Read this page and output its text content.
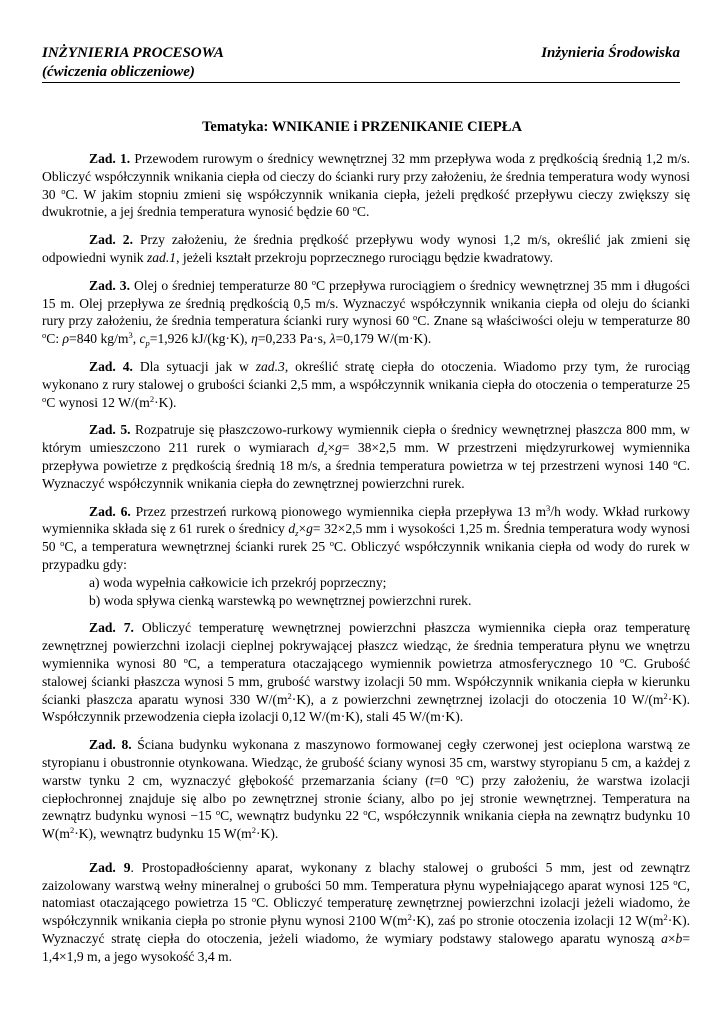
INŻYNIERIA PROCESOWA
(ćwiczenia obliczeniowe)
Inżynieria Środowiska
Tematyka: WNIKANIE i PRZENIKANIE CIEPŁA

Zad. 1. Przewodem rurowym o średnicy wewnętrznej 32 mm przepływa woda z prędkością średnią 1,2 m/s. Obliczyć współczynnik wnikania ciepła od cieczy do ścianki rury przy założeniu, że średnia temperatura wody wynosi 30 $^o$C. W jakim stopniu zmieni się współczynnik wnikania ciepła, jeżeli prędkość przepływu cieczy zwiększy się dwukrotnie, a jej średnia temperatura wynosić będzie 60 $^o$C.

Zad. 2. Przy założeniu, że średnia prędkość przepływu wody wynosi 1,2 m/s, określić jak zmieni się odpowiedni wynik zad.1, jeżeli kształt przekroju poprzecznego rurociągu będzie kwadratowy.

Zad. 3. Olej o średniej temperaturze 80 $^o$C przepływa rurociągiem o średnicy wewnętrznej 35 mm i długości 15 m. Olej przepływa ze średnią prędkością 0,5 m/s. Wyznaczyć współczynnik wnikania ciepła od oleju do ścianki rury przy założeniu, że średnia temperatura ścianki rury wynosi 60 $^o$C. Znane są właściwości oleju w temperaturze 80 $^o$C: ρ=840 $kg/m^3$, $c_p=1,926$ kJ/(kg·K), η=0,233 Pa·s, λ=0,179 W/(m·K).

Zad. 4. Dla sytuacji jak w zad.3, określić stratę ciepła do otoczenia. Wiadomo przy tym, że rurociąg wykonano z rury stalowej o grubości ścianki 2,5 mm, a współczynnik wnikania ciepła do otoczenia o temperaturze 25 $^o$C wynosi 12 $W/(m^2\cdot K)$.

Zad. 5. Rozpatruje się płaszczowo-rurkowy wymiennik ciepła o średnicy wewnętrznej płaszcza 800 mm, w którym umieszczono 211 rurek o wymiarach $d_z\times g= 38\times 2,5$ mm. W przestrzeni międzyrurkowej wymiennika przepływa powietrze z prędkością średnią 18 m/s, a średnia temperatura powietrza w tej przestrzeni wynosi 140 $^o$C. Wyznaczyć współczynnik wnikania ciepła do zewnętrznej powierzchni rurek.

Zad. 6. Przez przestrzeń rurkową pionowego wymiennika ciepła przepływa 13 $m^3/h$ wody. Wkład rurkowy wymiennika składa się z 61 rurek o średnicy $d_z\times g= 32\times 2,5$ mm i wysokości 1,25 m. Średnia temperatura wody wynosi 50 $^o$C, a temperatura wewnętrznej ścianki rurek 25 $^o$C. Obliczyć współczynnik wnikania ciepła od wody do rurek w przypadku gdy:
a) woda wypełnia całkowicie ich przekrój poprzeczny;
b) woda spływa cienką warstewką po wewnętrznej powierzchni rurek.

Zad. 7. Obliczyć temperaturę wewnętrznej powierzchni płaszcza wymiennika ciepła oraz temperaturę zewnętrznej powierzchni izolacji cieplnej pokrywającej płaszcz wiedząc, że średnia temperatura płynu we wnętrzu wymiennika wynosi 80 $^o$C, a temperatura otaczającego wymiennik powietrza atmosferycznego 10 $^o$C. Grubość stalowej ścianki płaszcza wynosi 5 mm, grubość warstwy izolacji 50 mm. Współczynnik wnikania ciepła w kierunku ścianki płaszcza aparatu wynosi 330 $W/(m^2\cdot K)$, a z powierzchni zewnętrznej izolacji do otoczenia 10 $W/(m^2\cdot K)$. Współczynnik przewodzenia ciepła izolacji 0,12 W/(m·K), stali 45 W/(m·K).

Zad. 8. Ściana budynku wykonana z maszynowo formowanej cegły czerwonej jest ocieplona warstwą ze styropianu i obustronnie otynkowana. Wiedząc, że grubość ściany wynosi 35 cm, warstwy styropianu 5 cm, a każdej z warstw tynku 2 cm, wyznaczyć głębokość przemarzania ściany (t=0 $^o$C) przy założeniu, że warstwa izolacji ciepłochronnej znajduje się albo po zewnętrznej stronie ściany, albo po jej stronie wewnętrznej. Temperatura na zewnątrz budynku wynosi −15 $^o$C, wewnątrz budynku 22 $^o$C, współczynnik wnikania ciepła na zewnątrz budynku 10 $W(m^2\cdot K)$, wewnątrz budynku 15 $W(m^2\cdot K)$.

Zad. 9. Prostopadłościenny aparat, wykonany z blachy stalowej o grubości 5 mm, jest od zewnątrz zaizolowany warstwą wełny mineralnej o grubości 50 mm. Temperatura płynu wypełniającego aparat wynosi 125 $^o$C, natomiast otaczającego powietrza 15 $^o$C. Obliczyć temperaturę zewnętrznej powierzchni izolacji jeżeli wiadomo, że współczynnik wnikania ciepła po stronie płynu wynosi 2100 $W(m^2\cdot K)$, zaś po stronie otoczenia izolacji 12 $W(m^2\cdot K)$. Wyznaczyć stratę ciepła do otoczenia, jeżeli wiadomo, że wymiary podstawy stalowego aparatu wynoszą a×b= 1,4×1,9 m, a jego wysokość 3,4 m.
